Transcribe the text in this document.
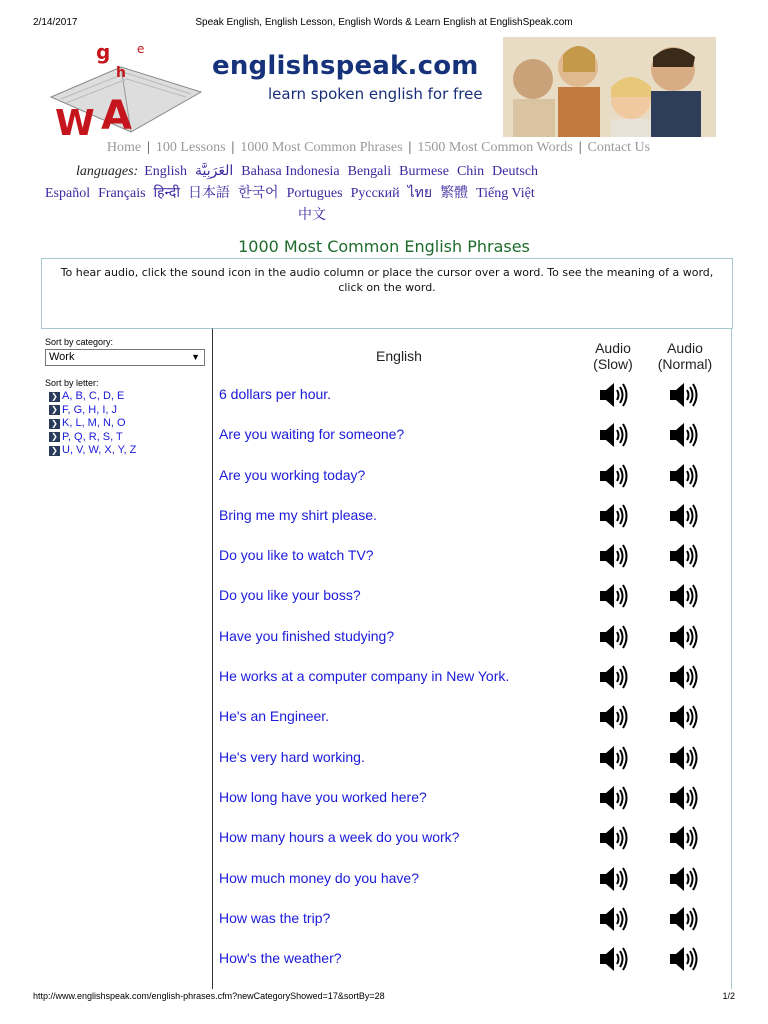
2/14/2017	Speak English, English Lesson, English Words & Learn English at EnglishSpeak.com
g
h
e
A
W
englishspeak.com
learn spoken english for free
Home | 100 Lessons | 1000 Most Common Phrases | 1500 Most Common Words | Contact Us
languages: English العَرَبِيَّة Bahasa Indonesia Bengali Burmese Chin Deutsch
Español Français हिन्दी 日本語 한국어 Portugues Русский ไทย 繁體 Tiếng Việt
中文
1000 Most Common English Phrases
To hear audio, click the sound icon in the audio column or place the cursor over a word. To see the meaning of a word, click on the word.
Sort by category:
Work	▼
Sort by letter:
❯ A, B, C, D, E
❯ F, G, H, I, J
❯ K, L, M, N, O
❯ P, Q, R, S, T
❯ U, V, W, X, Y, Z
English	Audio
(Slow)
Audio
(Normal)
6 dollars per hour.
Are you waiting for someone?
Are you working today?
Bring me my shirt please.
Do you like to watch TV?
Do you like your boss?
Have you finished studying?
He works at a computer company in New York.
He's an Engineer.
He's very hard working.
How long have you worked here?
How many hours a week do you work?
How much money do you have?
How was the trip?
How's the weather?
http://www.englishspeak.com/english-phrases.cfm?newCategoryShowed=17&sortBy=28	1/2
